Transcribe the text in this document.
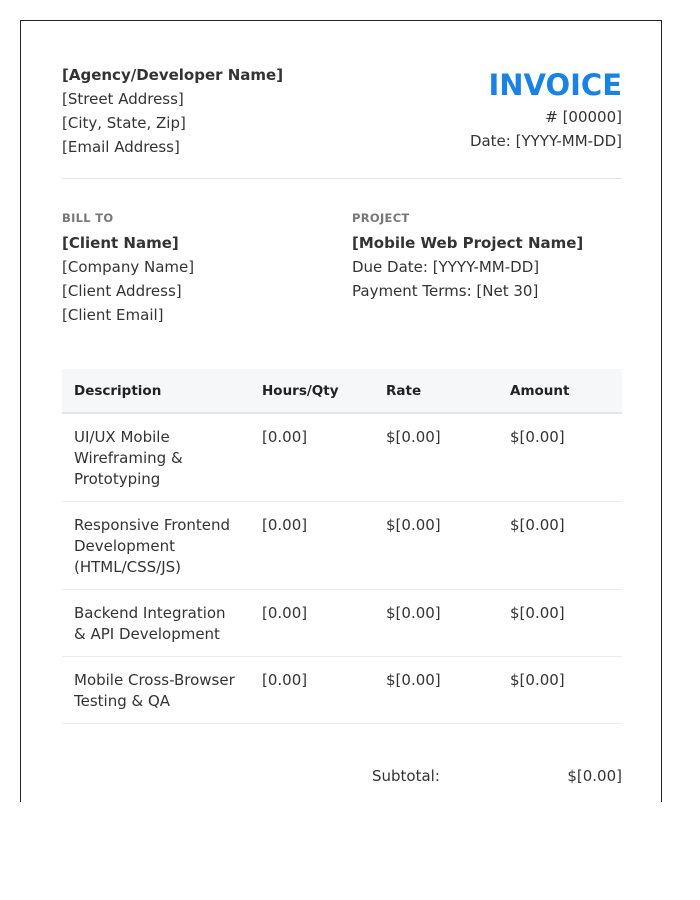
[Agency/Developer Name]
[Street Address]
[City, State, Zip]
[Email Address]
INVOICE
# [00000]
Date: [YYYY-MM-DD]
BILL TO
[Client Name]
[Company Name]
[Client Address]
[Client Email]
PROJECT
[Mobile Web Project Name]
Due Date: [YYYY-MM-DD]
Payment Terms: [Net 30]
Description	Hours/Qty	Rate	Amount
UI/UX Mobile Wireframing & Prototyping	[0.00]	$[0.00]	$[0.00]
Responsive Frontend Development (HTML/CSS/JS)	[0.00]	$[0.00]	$[0.00]
Backend Integration & API Development	[0.00]	$[0.00]	$[0.00]
Mobile Cross-Browser Testing & QA	[0.00]	$[0.00]	$[0.00]
Subtotal:	$[0.00]
